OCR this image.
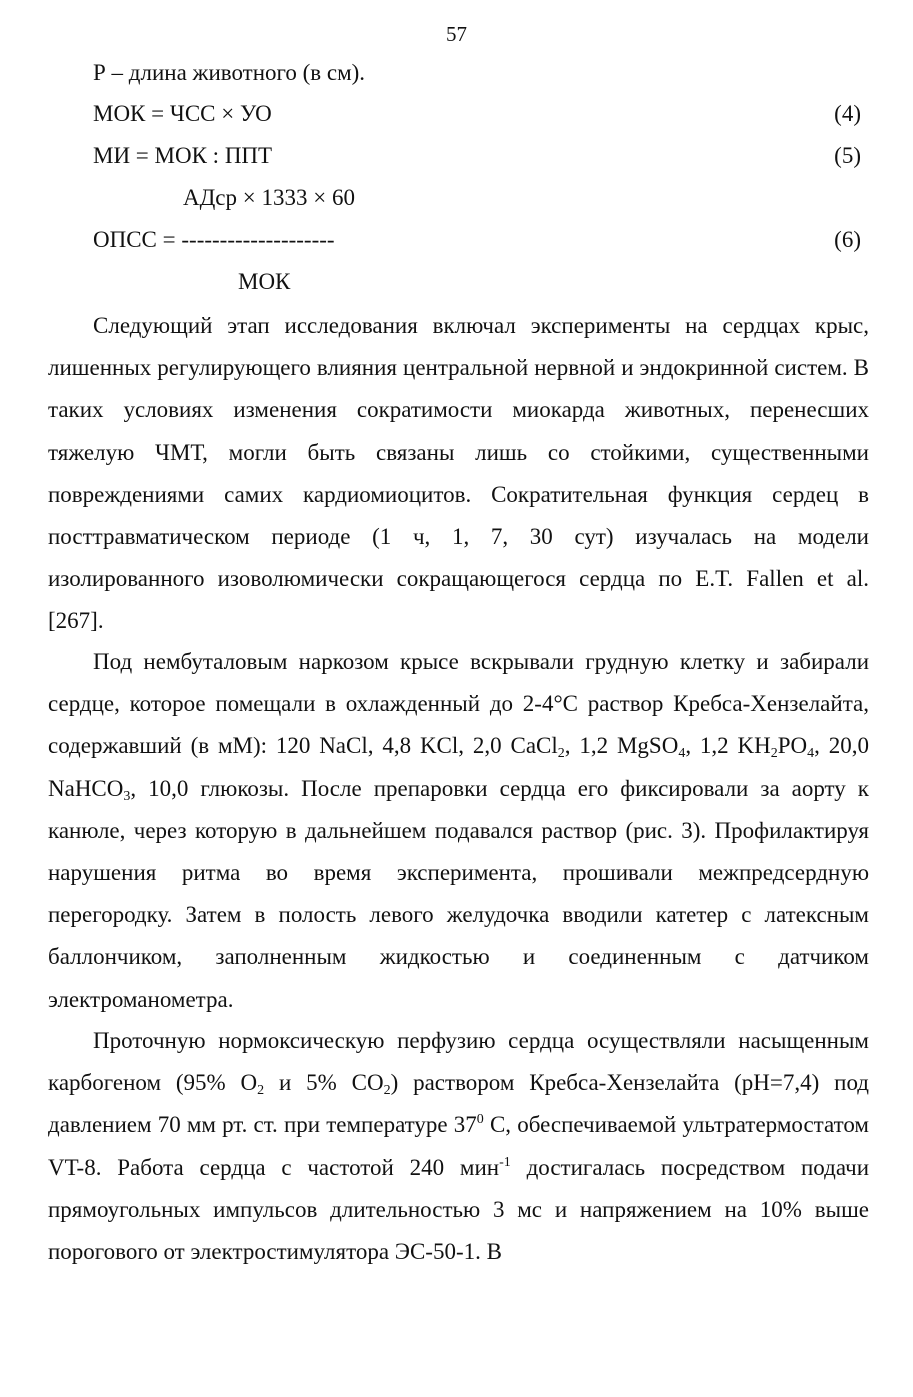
57
Р – длина животного (в см).
МОК = ЧСС × УО	(4)
МИ = МОК : ППТ	(5)
АДср × 1333 × 60
ОПСС = --------------------	(6)
МОК

Следующий этап исследования включал эксперименты на сердцах крыс, лишенных регулирующего влияния центральной нервной и эндокринной систем. В таких условиях изменения сократимости миокарда животных, перенесших тяжелую ЧМТ, могли быть связаны лишь со стойкими, существенными повреждениями самих кардиомиоцитов. Сократительная функция сердец в посттравматическом периоде (1 ч, 1, 7, 30 сут) изучалась на модели изолированного изоволюмически сокращающегося сердца по E.T. Fallen et al. [267].

Под нембуталовым наркозом крысе вскрывали грудную клетку и забирали сердце, которое помещали в охлажденный до 2-4°С раствор Кребса-Хензелайта, содержавший (в мМ): 120 NaCl, 4,8 KCl, 2,0 CaCl$_2$, 1,2 MgSO$_4$, 1,2 $KH_2PO_4$, 20,0 NaHCO$_3$, 10,0 глюкозы. После препаровки сердца его фиксировали за аорту к канюле, через которую в дальнейшем подавался раствор (рис. 3). Профилактируя нарушения ритма во время эксперимента, прошивали межпредсердную перегородку. Затем в полость левого желудочка вводили катетер с латексным баллончиком, заполненным жидкостью и соединенным с датчиком электроманометра.

Проточную нормоксическую перфузию сердца осуществляли насыщенным карбогеном (95% $O_2$ и 5% $CO_2$) раствором Кребса-Хензелайта (pH=7,4) под давлением 70 мм рт. ст. при температуре $37^0$ С, обеспечиваемой ультратермостатом VT-8. Работа сердца с частотой 240 мин$^{-1}$ достигалась посредством подачи прямоугольных импульсов длительностью 3 мс и напряжением на 10% выше порогового от электростимулятора ЭС-50-1. В
